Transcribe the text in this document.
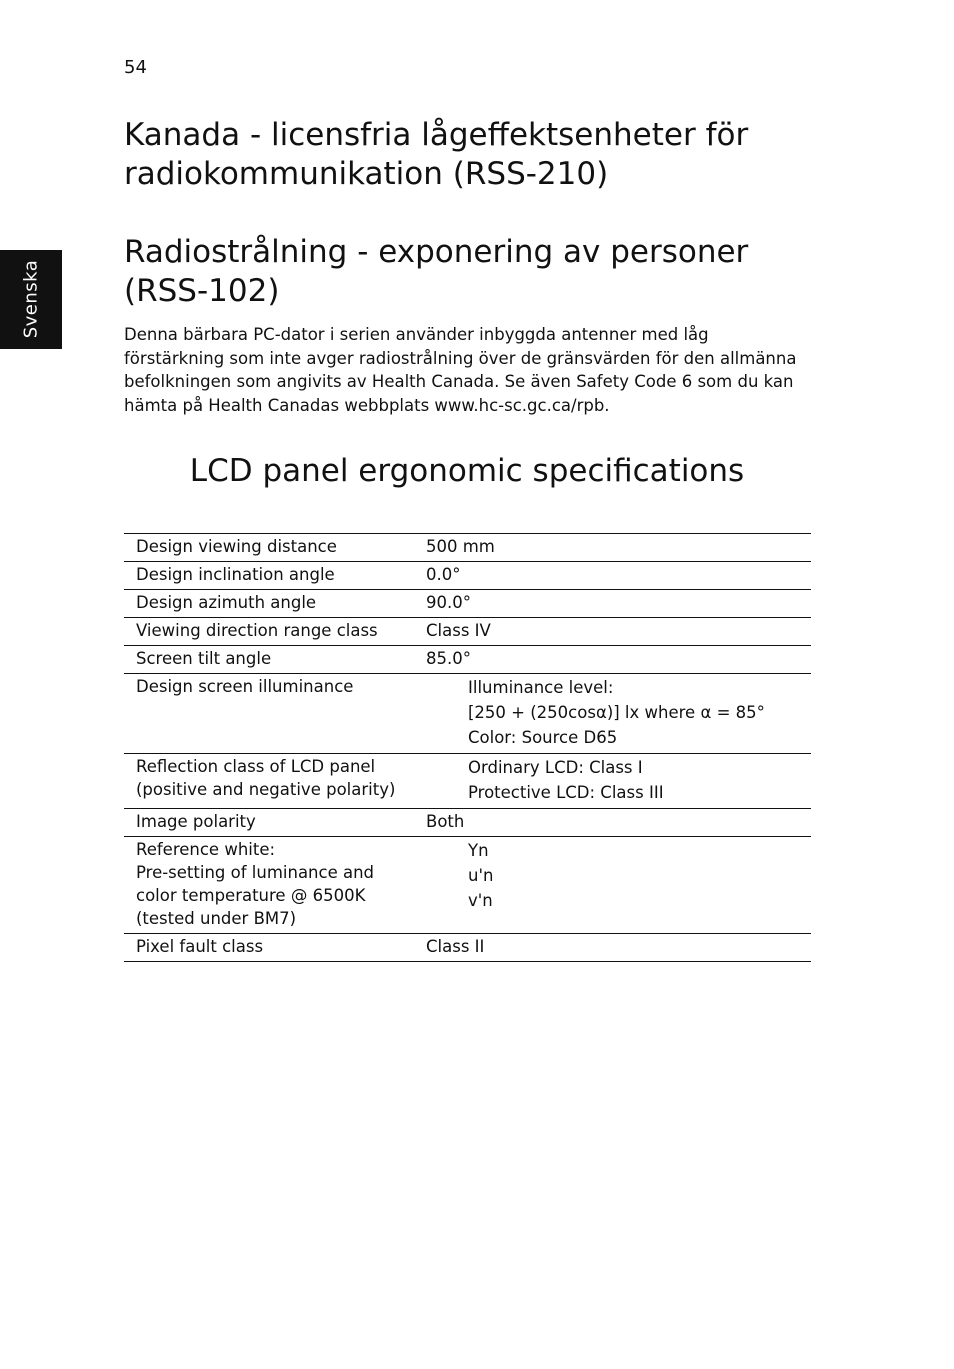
54
Svenska
Kanada - licensfria lågeffektsenheter för radiokommunikation (RSS-210)
Radiostrålning - exponering av personer (RSS-102)

Denna bärbara PC-dator i serien använder inbyggda antenner med låg förstärkning som inte avger radiostrålning över de gränsvärden för den allmänna befolkningen som angivits av Health Canada. Se även Safety Code 6 som du kan hämta på Health Canadas webbplats www.hc-sc.gc.ca/rpb.

LCD panel ergonomic specifications
Design viewing distance	500 mm

Design inclination angle	0.0°

Design azimuth angle	90.0°

Viewing direction range class	Class IV

Screen tilt angle	85.0°

Design screen illuminance	Illuminance level:
[250 + (250cosα)] lx where α = 85°
Color: Source D65

Reflection class of LCD panel
(positive and negative polarity)	Ordinary LCD: Class I
Protective LCD: Class III

Image polarity	Both

Reference white:
Pre-setting of luminance and
color temperature @ 6500K
(tested under BM7)	Yn
u'n
v'n

Pixel fault class	Class II
